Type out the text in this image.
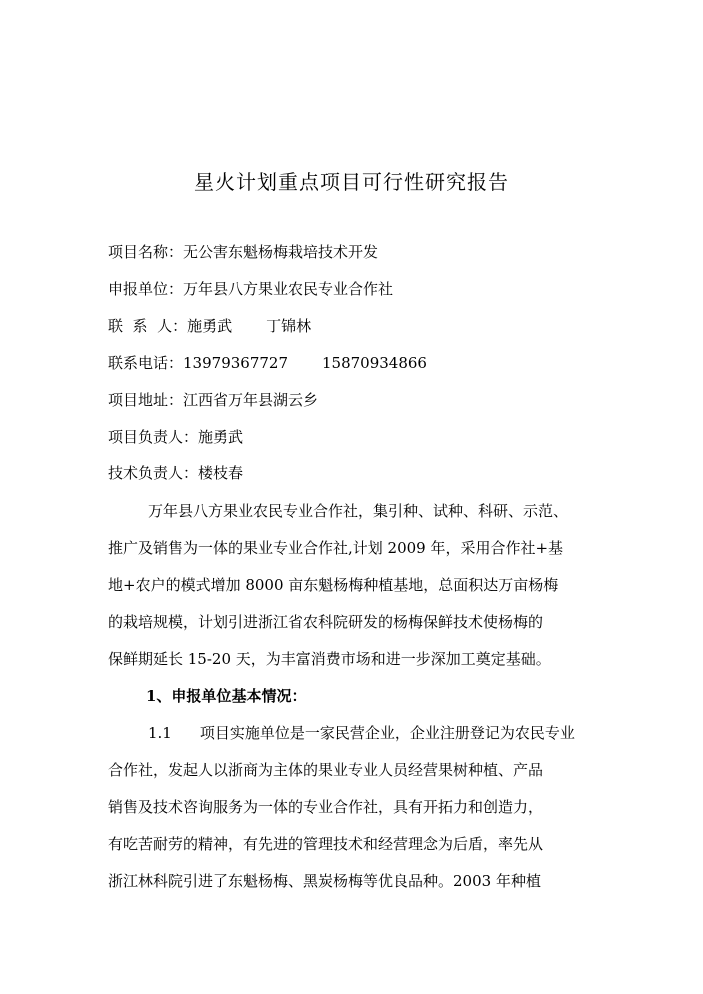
星火计划重点项目可行性研究报告
项目名称：无公害东魁杨梅栽培技术开发
申报单位：万年县八方果业农民专业合作社
联  系  人：施勇武 丁锦林
联系电话：13979367727 15870934866
项目地址：江西省万年县湖云乡
项目负责人：施勇武
技术负责人：楼枝春
万年县八方果业农民专业合作社，集引种、试种、科研、示范、
推广及销售为一体的果业专业合作社,计划 2009 年，采用合作社+基
地+农户的模式增加 8000 亩东魁杨梅种植基地，总面积达万亩杨梅
的栽培规模，计划引进浙江省农科院研发的杨梅保鲜技术使杨梅的
保鲜期延长 15-20 天，为丰富消费市场和进一步深加工奠定基础。
1、申报单位基本情况：
1.1 项目实施单位是一家民营企业，企业注册登记为农民专业
合作社，发起人以浙商为主体的果业专业人员经营果树种植、产品
销售及技术咨询服务为一体的专业合作社，具有开拓力和创造力，
有吃苦耐劳的精神，有先进的管理技术和经营理念为后盾，率先从
浙江林科院引进了东魁杨梅、黑炭杨梅等优良品种。2003 年种植
